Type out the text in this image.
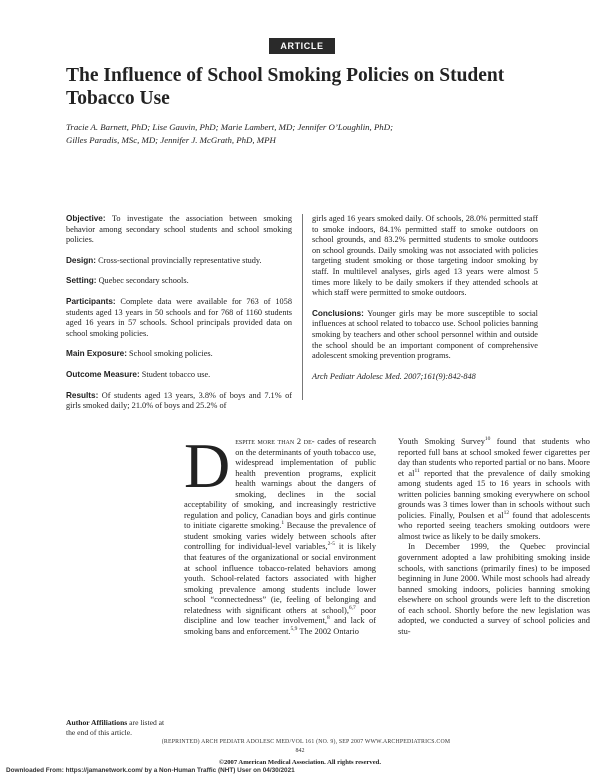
ARTICLE
The Influence of School Smoking Policies on Student Tobacco Use
Tracie A. Barnett, PhD; Lise Gauvin, PhD; Marie Lambert, MD; Jennifer O’Loughlin, PhD;
Gilles Paradis, MSc, MD; Jennifer J. McGrath, PhD, MPH

Objective: To investigate the association between smoking behavior among secondary school students and school smoking policies.

Design: Cross-sectional provincially representative study.

Setting: Quebec secondary schools.

Participants: Complete data were available for 763 of 1058 students aged 13 years in 50 schools and for 768 of 1160 students aged 16 years in 57 schools. School principals provided data on school smoking policies.

Main Exposure: School smoking policies.

Outcome Measure: Student tobacco use.

Results: Of students aged 13 years, 3.8% of boys and 7.1% of girls smoked daily; 21.0% of boys and 25.2% of

girls aged 16 years smoked daily. Of schools, 28.0% permitted staff to smoke indoors, 84.1% permitted staff to smoke outdoors on school grounds, and 83.2% permitted students to smoke outdoors on school grounds. Daily smoking was not associated with policies targeting student smoking or those targeting indoor smoking by staff. In multilevel analyses, girls aged 13 years were almost 5 times more likely to be daily smokers if they attended schools at which staff were permitted to smoke outdoors.

Conclusions: Younger girls may be more susceptible to social influences at school related to tobacco use. School policies banning smoking by teachers and other school personnel within and outside the school should be an important component of comprehensive adolescent smoking prevention programs.

Arch Pediatr Adolesc Med. 2007;161(9):842-848

Despite more than 2 de- cades of research on the determinants of youth tobacco use, widespread implementation of public health prevention programs, explicit health warnings about the dangers of smoking, declines in the social acceptability of smoking, and increasingly restrictive regulation and policy, Canadian boys and girls continue to initiate cigarette smoking.$^1$ Because the prevalence of student smoking varies widely between schools after controlling for individual-level variables,$^{2-5}$ it is likely that features of the organizational or social environment at school influence tobacco-related behaviors among youth. School-related factors associated with higher smoking prevalence among students include lower school “connectedness” (ie, feeling of belonging and relatedness with significant others at school),$^{6,7}$ poor discipline and low teacher involvement,$^8$ and lack of smoking bans and enforcement.$^{5,9}$ The 2002 Ontario

Youth Smoking Survey$^{10}$ found that students who reported full bans at school smoked fewer cigarettes per day than students who reported partial or no bans. Moore et $al^{11}$ reported that the prevalence of daily smoking among students aged 15 to 16 years in schools with written policies banning smoking everywhere on school grounds was 3 times lower than in schools without such policies. Finally, Poulsen et $al^{12}$ found that adolescents who reported seeing teachers smoking outdoors were almost twice as likely to be daily smokers.

In December 1999, the Quebec provincial government adopted a law prohibiting smoking inside schools, with sanctions (primarily fines) to be imposed beginning in June 2000. While most schools had already banned smoking indoors, policies banning smoking elsewhere on school grounds were left to the discretion of each school. Shortly before the new legislation was adopted, we conducted a survey of school policies and stu-

Author Affiliations are listed at the end of this article.
(REPRINTED) ARCH PEDIATR ADOLESC MED/VOL 161 (NO. 9), SEP 2007 WWW.ARCHPEDIATRICS.COM
842
©2007 American Medical Association. All rights reserved.
Downloaded From: https://jamanetwork.com/ by a Non-Human Traffic (NHT) User on 04/30/2021
